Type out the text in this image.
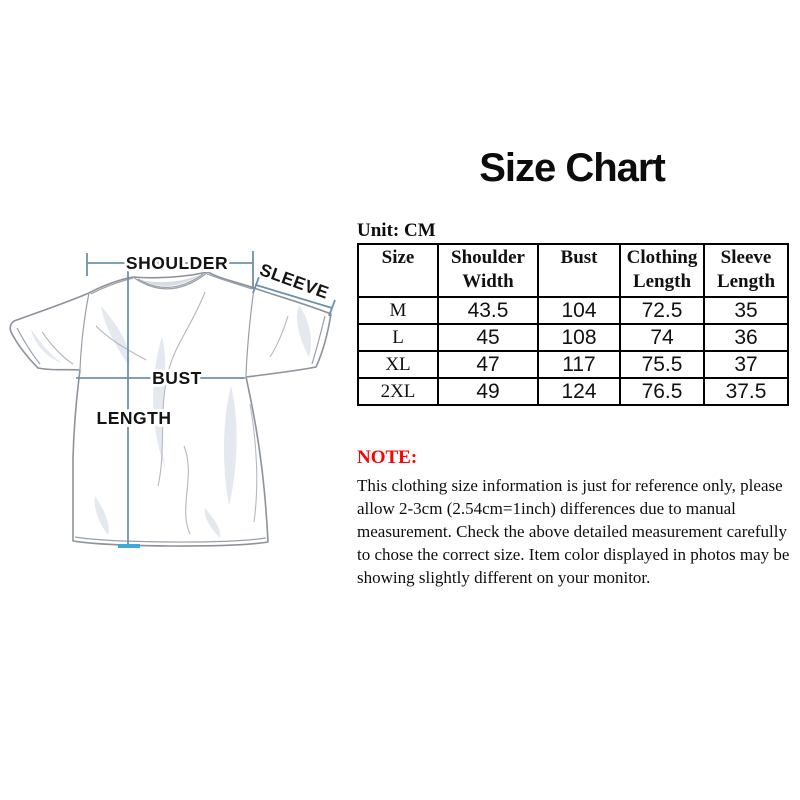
Size Chart
SHOULDER SLEEVE
BUST
LENGTH

Unit: CM

Size	Shoulder Width	Bust	Clothing Length	Sleeve Length
M	43.5	104	72.5	35
L	45	108	74	36
XL	47	117	75.5	37
2XL	49	124	76.5	37.5
NOTE:

This clothing size information is just for reference only, please allow 2-3cm (2.54cm=1inch) differences due to manual measurement. Check the above detailed measurement carefully to chose the correct size. Item color displayed in photos may be showing slightly different on your monitor.
